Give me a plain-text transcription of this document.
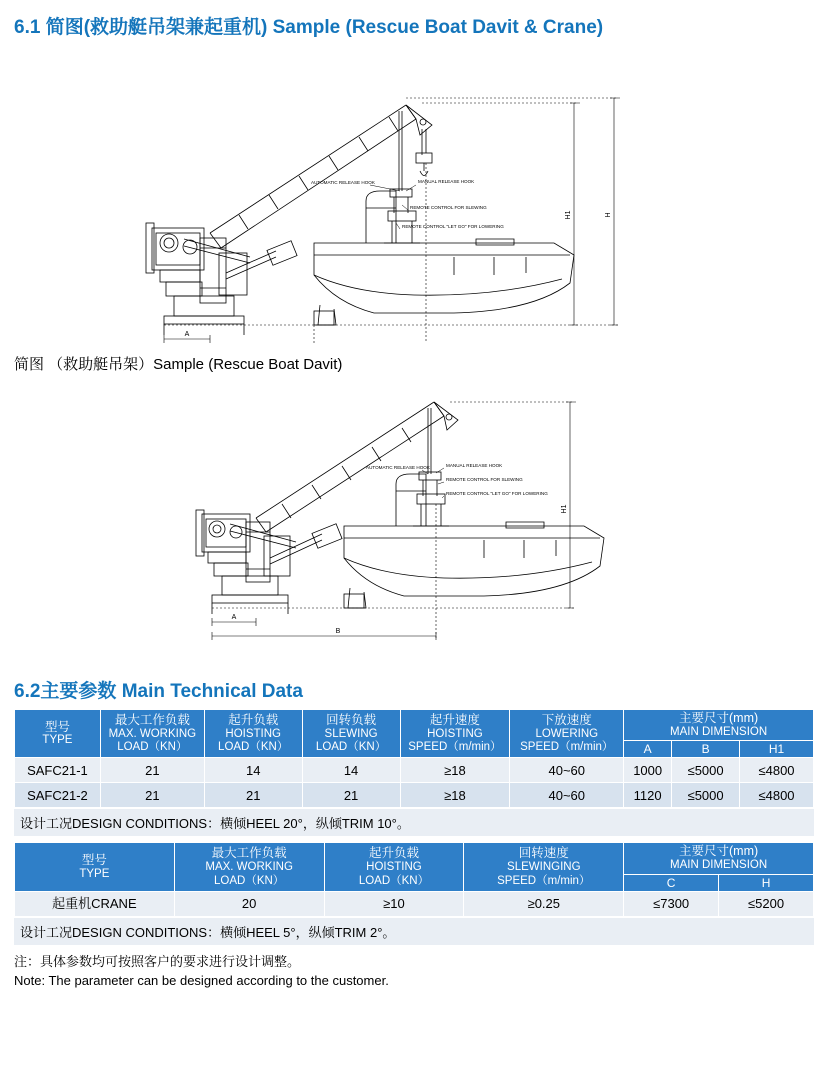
6.1 简图(救助艇吊架兼起重机) Sample (Rescue Boat Davit & Crane)
H1	H
A
AUTOMATIC RELEASE HOOK	MANUAL RELEASE HOOK
REMOTE CONTROL FOR SLEWING
REMOTE CONTROL "LET GO" FOR LOWERING
简图 （救助艇吊架）Sample (Rescue Boat Davit)
H1
A
B
AUTOMATIC RELEASE HOOK	MANUAL RELEASE HOOK
REMOTE CONTROL FOR SLEWING
REMOTE CONTROL "LET GO" FOR LOWERING
6.2主要参数 Main Technical Data
型号
TYPE	最大工作负载
MAX. WORKING
LOAD（KN）	起升负载
HOISTING
LOAD（KN）	回转负载
SLEWING
LOAD（KN）	起升速度
HOISTING
SPEED（m/min）	下放速度
LOWERING
SPEED（m/min）	主要尺寸(mm)
MAIN DIMENSION		

						A	B	H1
SAFC21-1	21	14	14	≥18	40~60	1000	≤5000	≤4800
SAFC21-2	21	21	21	≥18	40~60	1120	≤5000	≤4800
设计工况DESIGN CONDITIONS：横倾HEEL 20°，纵倾TRIM 10°。
型号
TYPE	最大工作负载
MAX. WORKING
LOAD（KN）	起升负载
HOISTING
LOAD（KN）	回转速度
SLEWINGING
SPEED（m/min）	主要尺寸(mm)
MAIN DIMENSION	

				C	H
起重机CRANE	20	≥10	≥0.25	≤7300	≤5200
设计工况DESIGN CONDITIONS：横倾HEEL 5°，纵倾TRIM 2°。
注：具体参数均可按照客户的要求进行设计调整。
Note: The parameter can be designed according to the customer.
